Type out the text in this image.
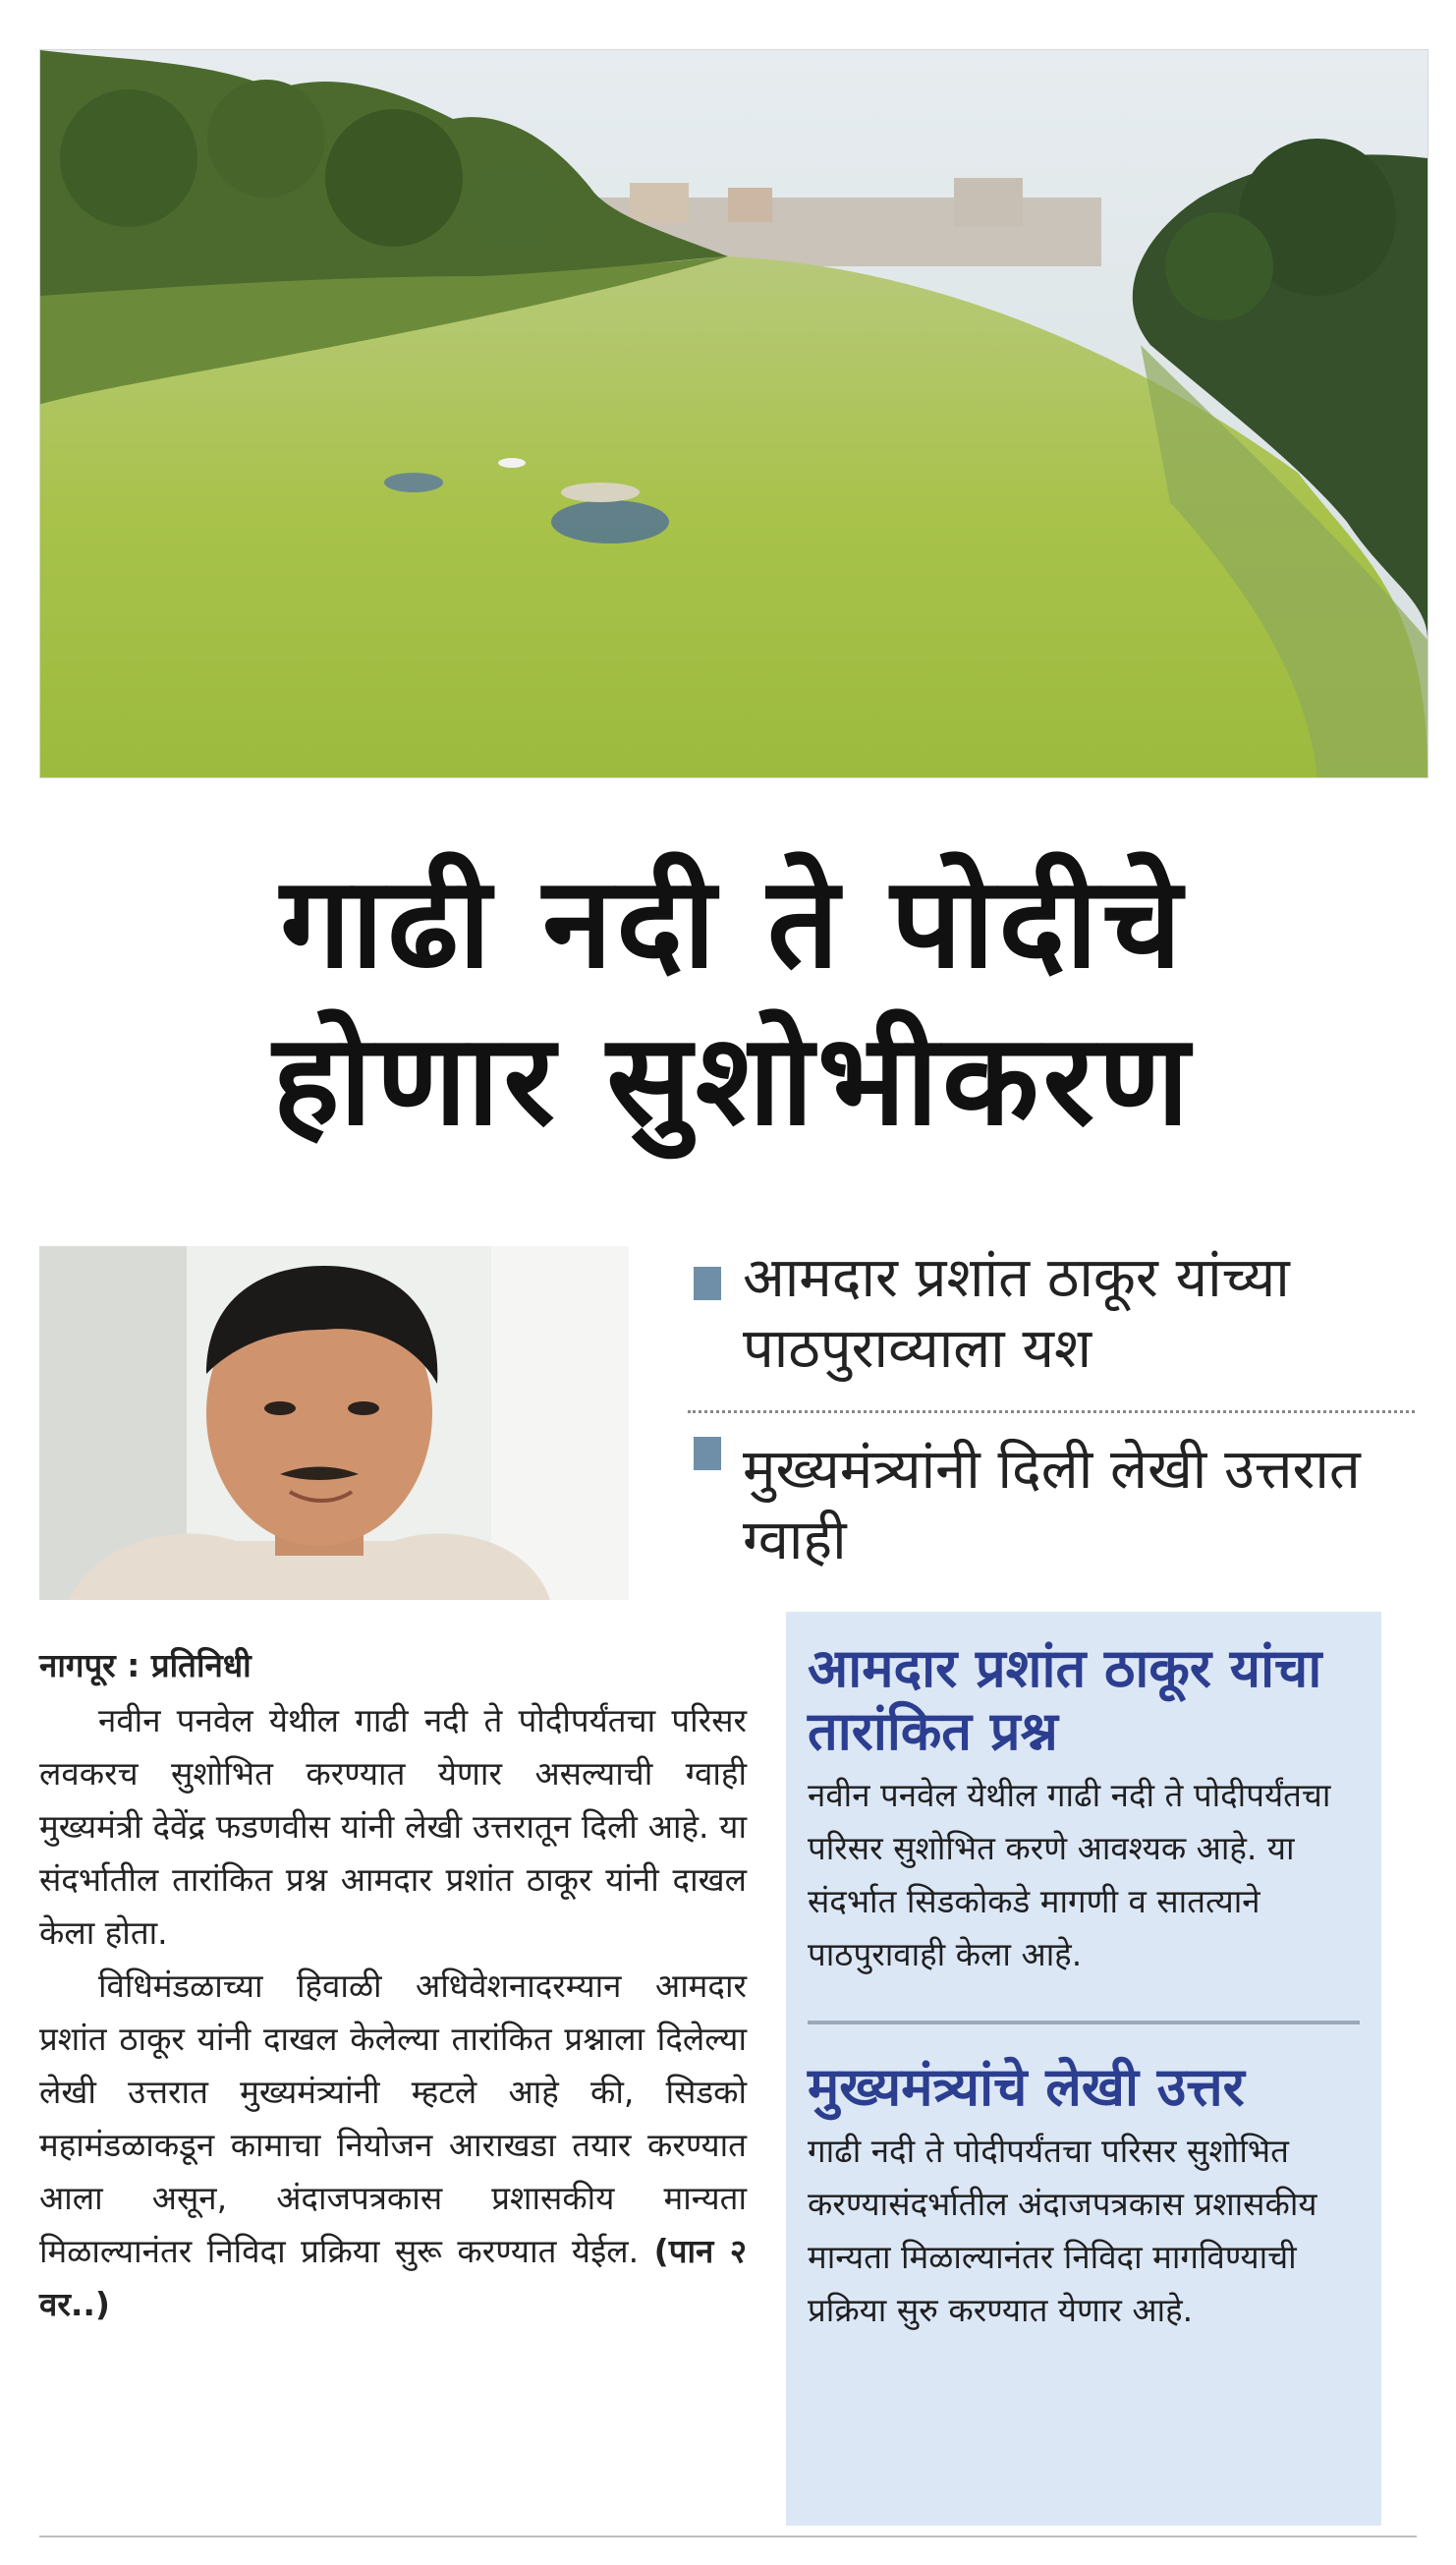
गाढी नदी ते पोदीचे
होणार सुशोभीकरण
आमदार प्रशांत ठाकूर यांच्या पाठपुराव्याला यश
मुख्यमंत्र्यांनी दिली लेखी उत्तरात ग्वाही
नागपूर : प्रतिनिधी

नवीन पनवेल येथील गाढी नदी ते पोदीपर्यंतचा परिसर लवकरच सुशोभित करण्यात येणार असल्याची ग्वाही मुख्यमंत्री देवेंद्र फडणवीस यांनी लेखी उत्तरातून दिली आहे. या संदर्भातील तारांकित प्रश्न आमदार प्रशांत ठाकूर यांनी दाखल केला होता.

विधिमंडळाच्या हिवाळी अधिवेशनादरम्यान आमदार प्रशांत ठाकूर यांनी दाखल केलेल्या तारांकित प्रश्नाला दिलेल्या लेखी उत्तरात मुख्यमंत्र्यांनी म्हटले आहे की, सिडको महामंडळाकडून कामाचा नियोजन आराखडा तयार करण्यात आला असून, अंदाजपत्रकास प्रशासकीय मान्यता मिळाल्यानंतर निविदा प्रक्रिया सुरू करण्यात येईल. (पान २ वर..)

आमदार प्रशांत ठाकूर यांचा तारांकित प्रश्न
नवीन पनवेल येथील गाढी नदी ते पोदीपर्यंतचा परिसर सुशोभित करणे आवश्यक आहे. या संदर्भात सिडकोकडे मागणी व सातत्याने पाठपुरावाही केला आहे.
मुख्यमंत्र्यांचे लेखी उत्तर
गाढी नदी ते पोदीपर्यंतचा परिसर सुशोभित करण्यासंदर्भातील अंदाजपत्रकास प्रशासकीय मान्यता मिळाल्यानंतर निविदा मागविण्याची प्रक्रिया सुरु करण्यात येणार आहे.
